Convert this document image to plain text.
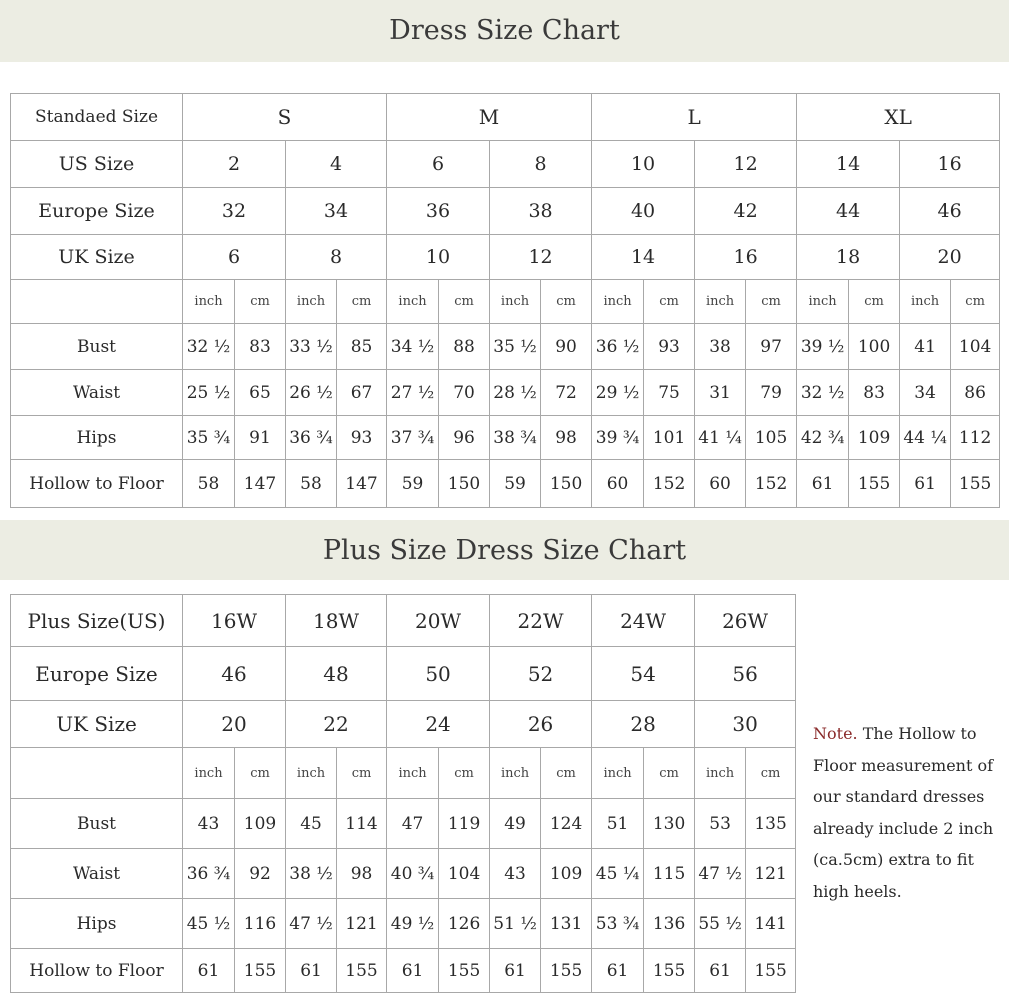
Dress Size Chart
Standaed Size	S				M				L				XL			
US Size	2		4		6		8		10		12		14		16	
Europe Size	32		34		36		38		40		42		44		46	
UK Size	6		8		10		12		14		16		18		20	
	inch	cm	inch	cm	inch	cm	inch	cm	inch	cm	inch	cm	inch	cm	inch	cm
Bust	32 ½	83	33 ½	85	34 ½	88	35 ½	90	36 ½	93	38	97	39 ½	100	41	104
Waist	25 ½	65	26 ½	67	27 ½	70	28 ½	72	29 ½	75	31	79	32 ½	83	34	86
Hips	35 ¾	91	36 ¾	93	37 ¾	96	38 ¾	98	39 ¾	101	41 ¼	105	42 ¾	109	44 ¼	112
Hollow to Floor	58	147	58	147	59	150	59	150	60	152	60	152	61	155	61	155
Plus Size Dress Size Chart
Plus Size(US)	16W		18W		20W		22W		24W		26W	
Europe Size	46		48		50		52		54		56	
UK Size	20		22		24		26		28		30	
	inch	cm	inch	cm	inch	cm	inch	cm	inch	cm	inch	cm
Bust	43	109	45	114	47	119	49	124	51	130	53	135
Waist	36 ¾	92	38 ½	98	40 ¾	104	43	109	45 ¼	115	47 ½	121
Hips	45 ½	116	47 ½	121	49 ½	126	51 ½	131	53 ¾	136	55 ½	141
Hollow to Floor	61	155	61	155	61	155	61	155	61	155	61	155
Note. The Hollow to Floor measurement of our standard dresses already include 2 inch (ca.5cm) extra to fit high heels.
